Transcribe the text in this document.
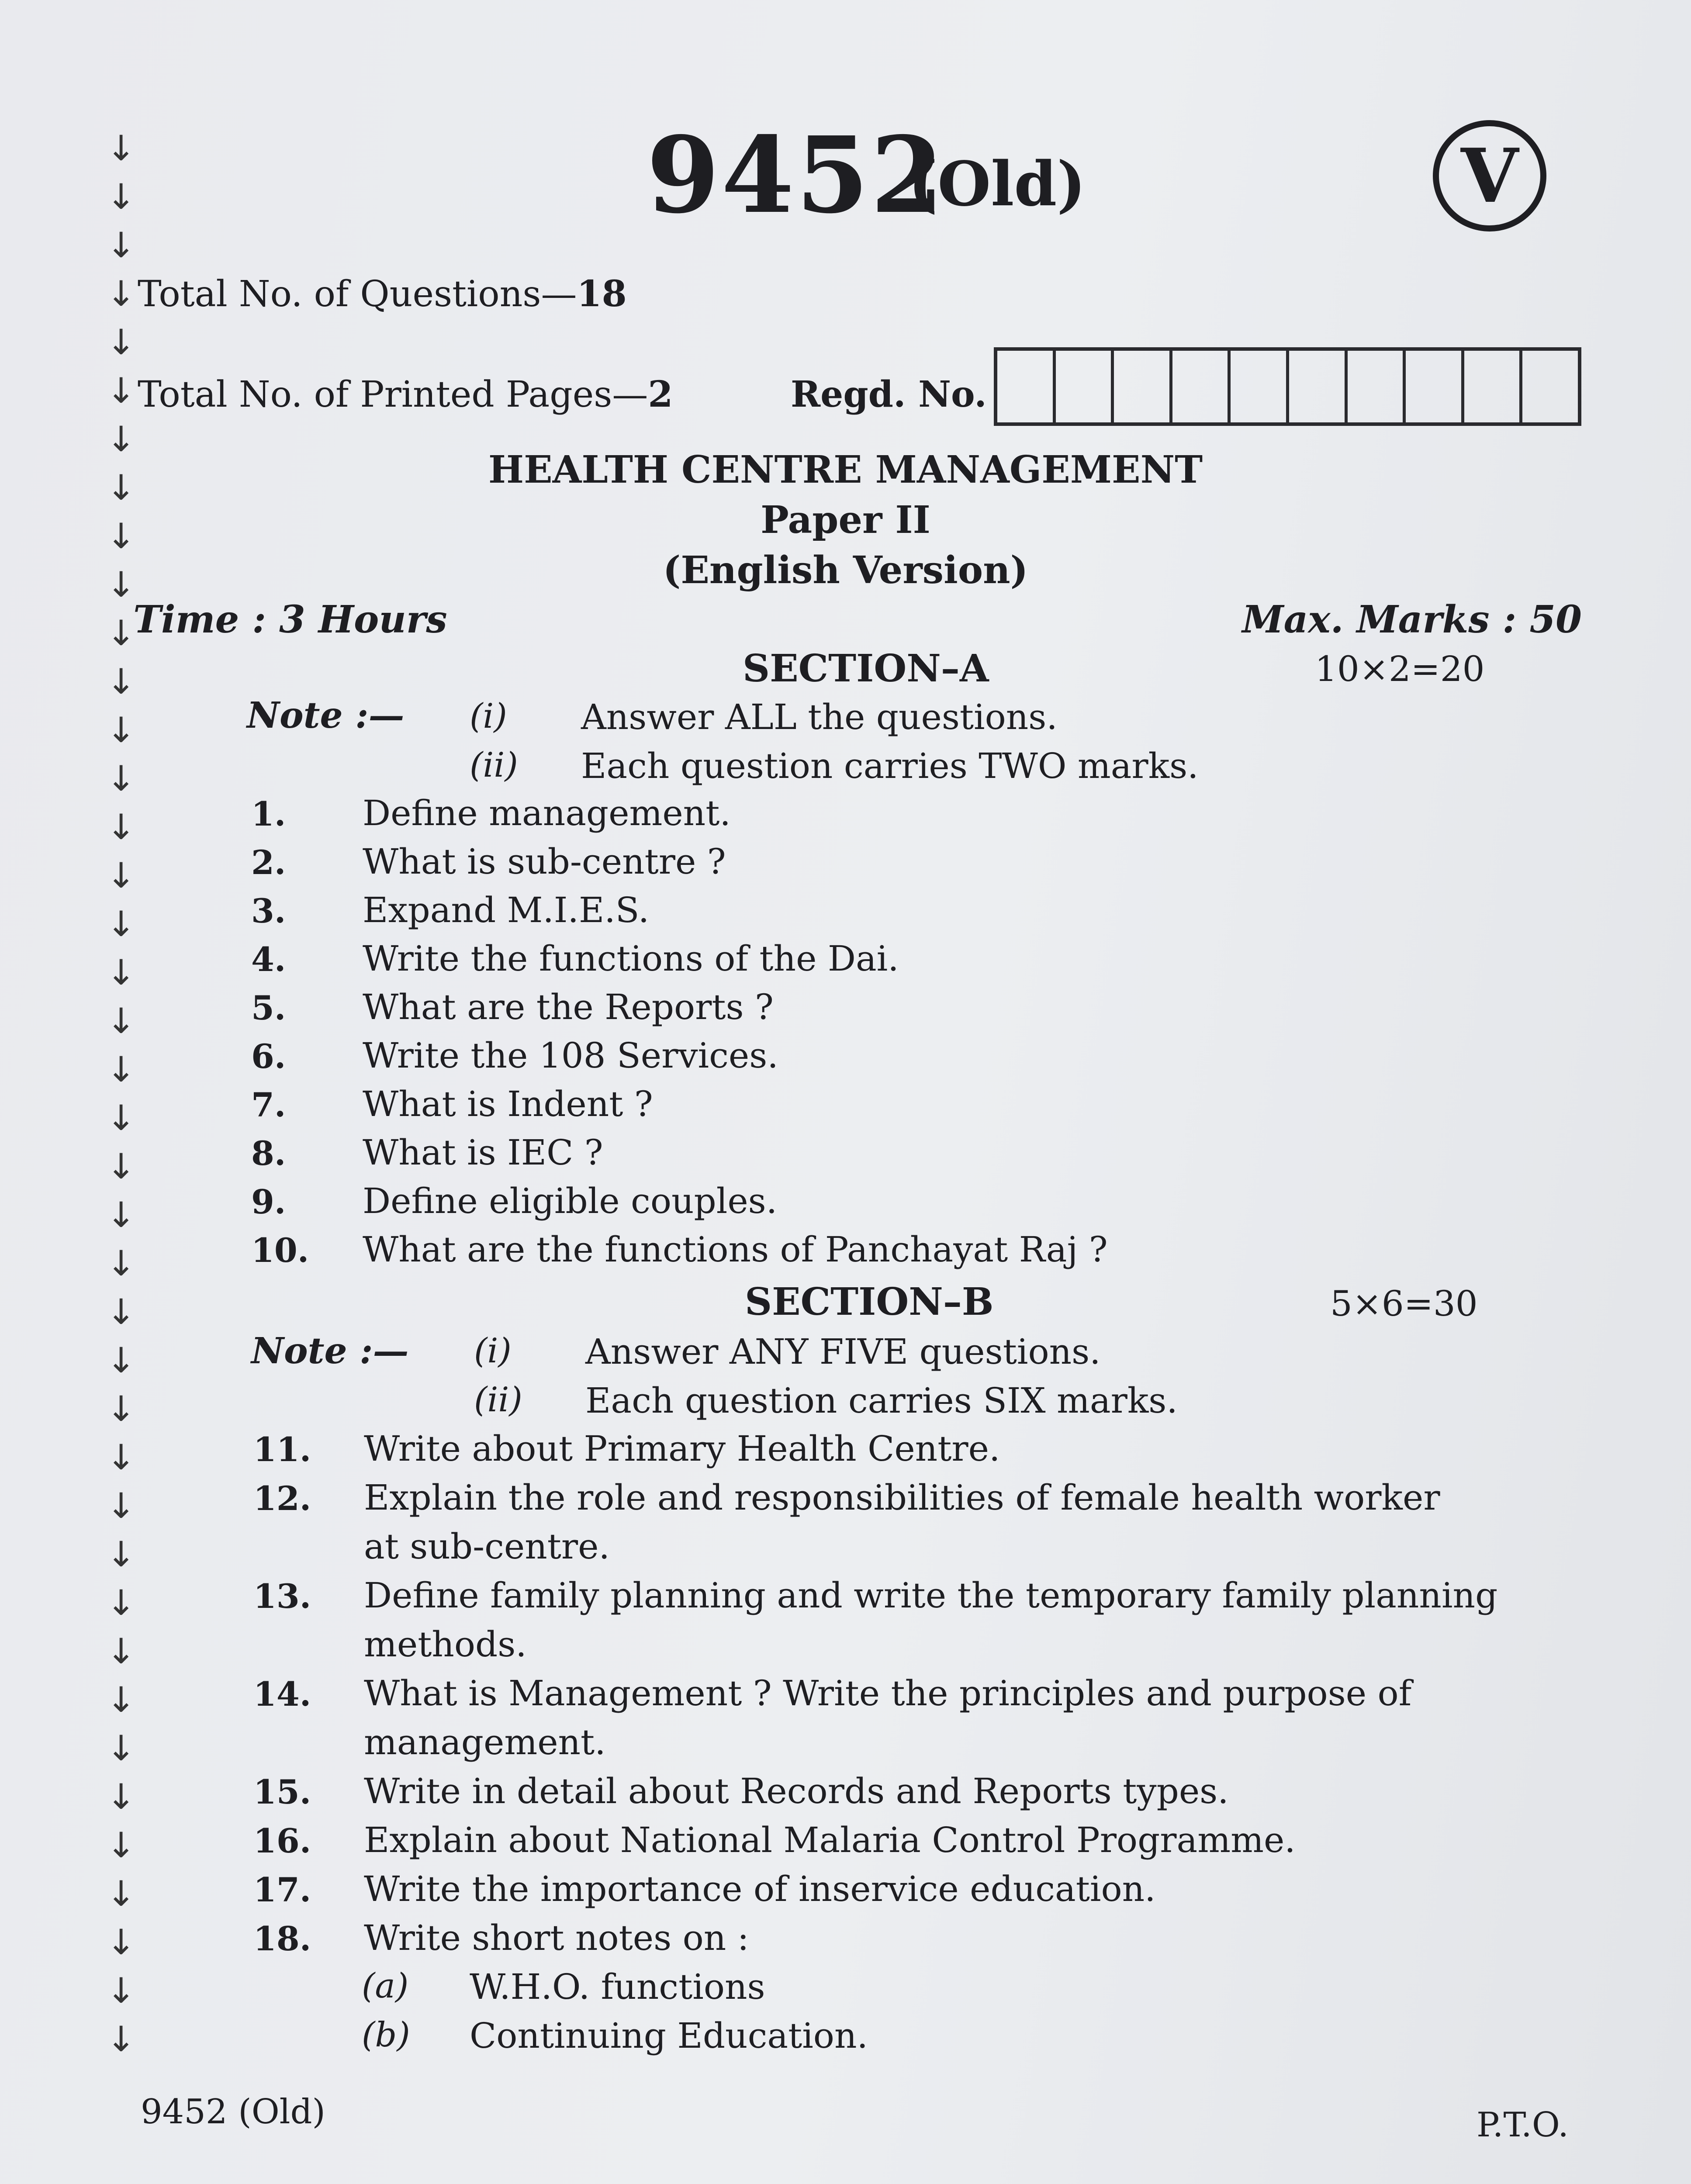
↓
↓
↓
↓
↓
↓
↓
↓
↓
↓
↓
↓
↓
↓
↓
↓
↓
↓
↓
↓
↓
↓
↓
↓
↓
↓
↓
↓
↓
↓
↓
↓
↓
↓
↓
↓
↓
↓
↓
↓
9452
(Old)	V
Total No. of Questions—18
Total No. of Printed Pages—2	Regd. No.
HEALTH CENTRE MANAGEMENT
Paper II
(English Version)
Time : 3 Hours	Max. Marks : 50
SECTION–A	10×2=20
Note :— (i) Answer ALL the questions.
(ii) Each question carries TWO marks.
1. Define management.
2. What is sub-centre ?
3. Expand M.I.E.S.
4. Write the functions of the Dai.
5. What are the Reports ?
6. Write the 108 Services.
7. What is Indent ?
8. What is IEC ?
9. Define eligible couples.
10. What are the functions of Panchayat Raj ?
SECTION–B	5×6=30
Note :— (i) Answer ANY FIVE questions.
(ii) Each question carries SIX marks.
11. Write about Primary Health Centre.
12. Explain the role and responsibilities of female health worker
at sub-centre.
13. Define family planning and write the temporary family planning
methods.
14. What is Management ? Write the principles and purpose of
management.
15. Write in detail about Records and Reports types.
16. Explain about National Malaria Control Programme.
17. Write the importance of inservice education.
18. Write short notes on :
(a) W.H.O. functions
(b) Continuing Education.
9452 (Old)	P.T.O.
